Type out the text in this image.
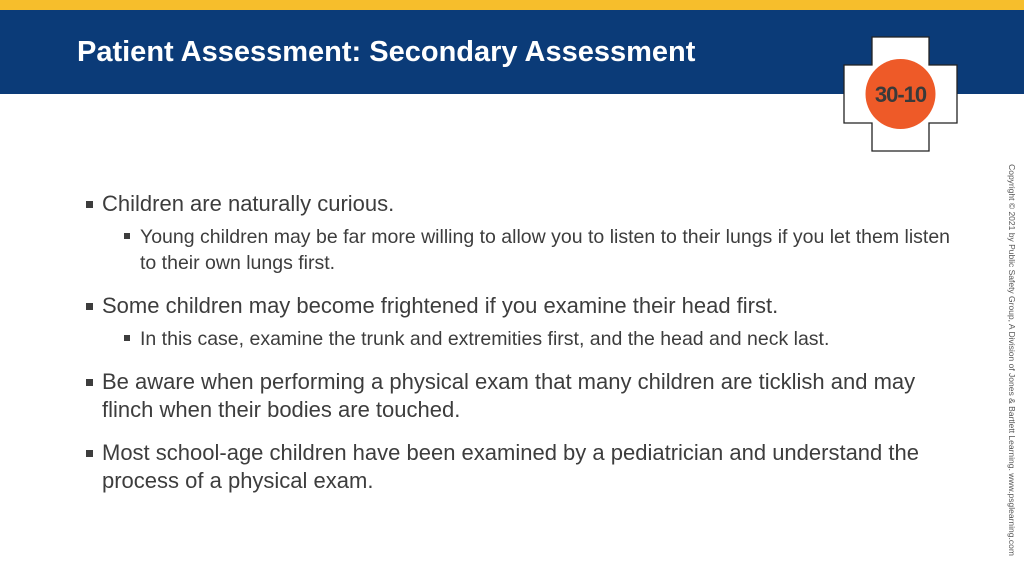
Patient Assessment: Secondary Assessment
30-10
Children are naturally curious.
Young children may be far more willing to allow you to listen to their lungs if you let them listen to their own lungs first.
Some children may become frightened if you examine their head first.
In this case, examine the trunk and extremities first, and the head and neck last.
Be aware when performing a physical exam that many children are ticklish and may flinch when their bodies are touched.
Most school-age children have been examined by a pediatrician and understand the process of a physical exam.	Copyright © 2021 by Public Safety Group, A Division of Jones & Bartlett Learning. www.psglearning.com
